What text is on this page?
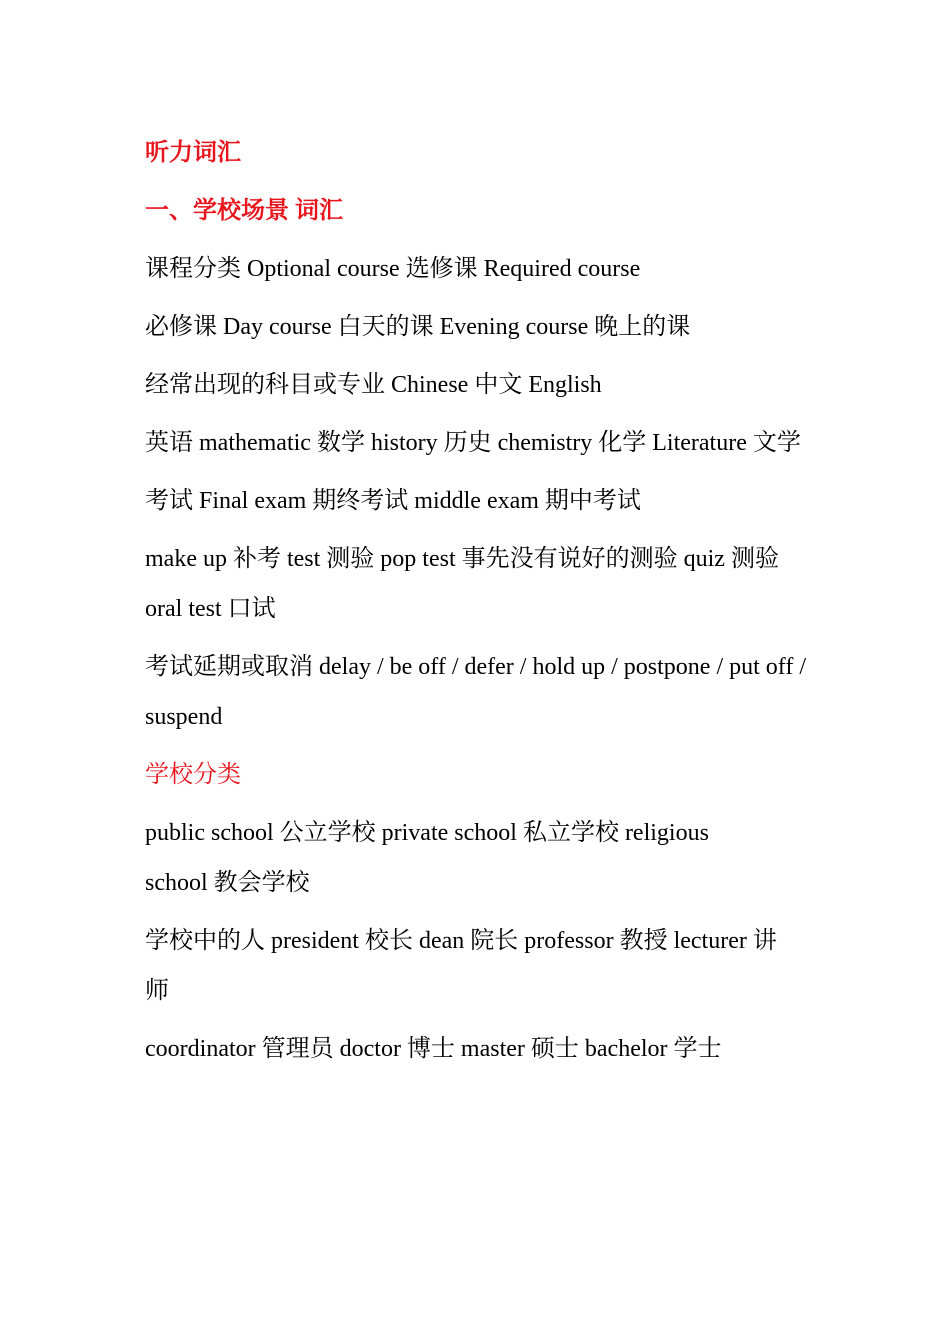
听力词汇
一、学校场景 词汇
课程分类 Optional course 选修课 Required course
必修课 Day course 白天的课 Evening course 晚上的课
经常出现的科目或专业 Chinese 中文 English
英语 mathematic 数学 history 历史 chemistry 化学 Literature 文学
考试 Final exam 期终考试 middle exam 期中考试
make up 补考 test 测验 pop test 事先没有说好的测验 quiz 测验 oral test 口试
考试延期或取消 delay / be off / defer / hold up / postpone / put off / suspend
学校分类
public school 公立学校 private school 私立学校 religious school 教会学校
学校中的人 president 校长 dean 院长 professor 教授 lecturer 讲师
coordinator 管理员 doctor 博士 master 硕士 bachelor 学士
